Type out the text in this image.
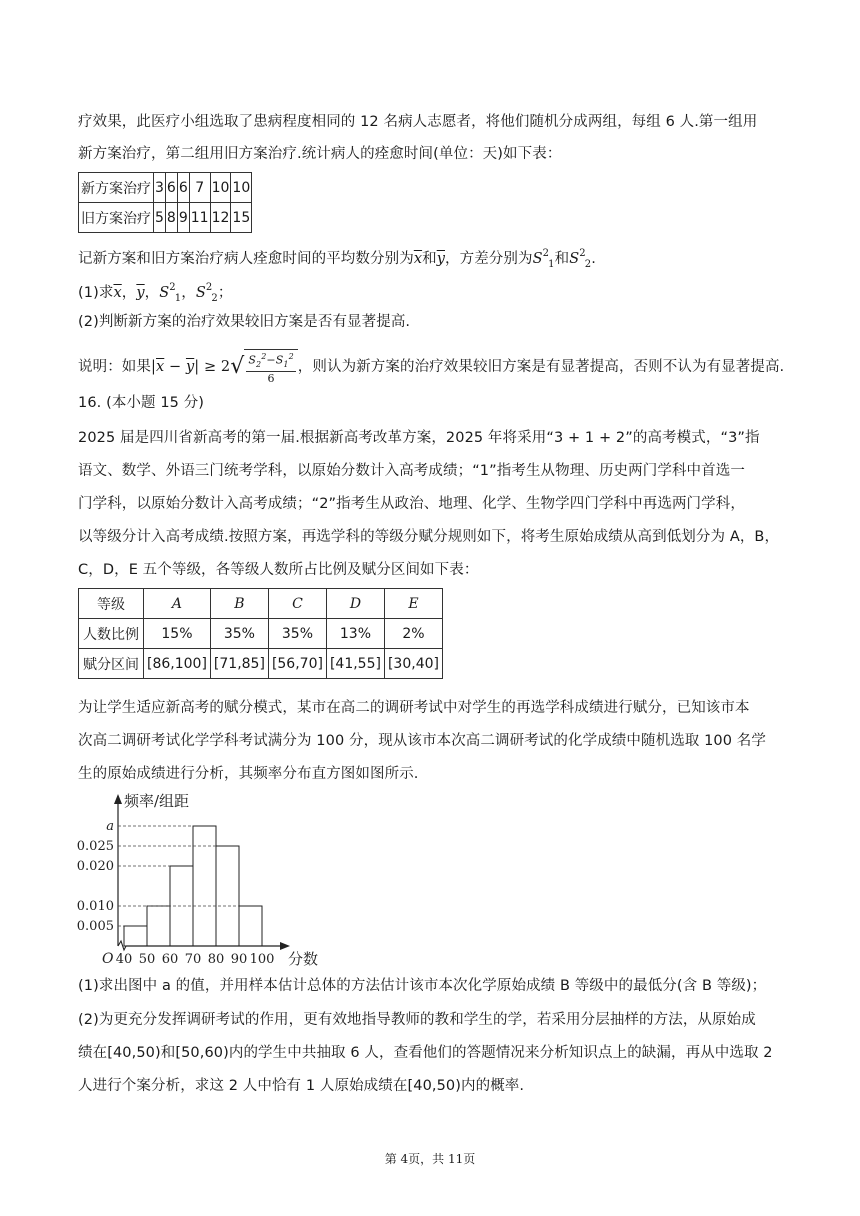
疗效果，此医疗小组选取了患病程度相同的 12 名病人志愿者，将他们随机分成两组，每组 6 人.第一组用
新方案治疗，第二组用旧方案治疗.统计病人的痊愈时间(单位：天)如下表：
新方案治疗	3	6	6	7	10	10
旧方案治疗	5	8	9	11	12	15
记新方案和旧方案治疗病人痊愈时间的平均数分别为$\overline{x}$和$\overline{y}$，方差分别为$S^2_1$和$S^2_2$.
(1)求$\overline{x}$，$\overline{y}$，$S^2_1$，$S^2_2$；
(2)判断新方案的治疗效果较旧方案是否有显著提高.
说明：如果$|\overline{x} - \overline{y}| \ge 2√ \frac{S_2^2-S_1^2}{6}$ ，则认为新方案的治疗效果较旧方案是有显著提高，否则不认为有显著提高.
16. (本小题 15 分)
2025 届是四川省新高考的第一届.根据新高考改革方案，2025 年将采用“3 + 1 + 2”的高考模式，“3”指
语文、数学、外语三门统考学科，以原始分数计入高考成绩；“1”指考生从物理、历史两门学科中首选一
门学科，以原始分数计入高考成绩；“2”指考生从政治、地理、化学、生物学四门学科中再选两门学科，
以等级分计入高考成绩.按照方案，再选学科的等级分赋分规则如下，将考生原始成绩从高到低划分为 A，B，
C，D，E 五个等级，各等级人数所占比例及赋分区间如下表：
等级	A	B	C	D	E
人数比例	15%	35%	35%	13%	2%
赋分区间	[86,100]	[71,85]	[56,70]	[41,55]	[30,40]
为让学生适应新高考的赋分模式，某市在高二的调研考试中对学生的再选学科成绩进行赋分，已知该市本
次高二调研考试化学学科考试满分为 100 分，现从该市本次高二调研考试的化学成绩中随机选取 100 名学
生的原始成绩进行分析，其频率分布直方图如图所示.
0.005
0.010
0.020
0.025
a
40 50 60 70 80 90 100
O
频率/组距
分数
(1)求出图中 a 的值，并用样本估计总体的方法估计该市本次化学原始成绩 B 等级中的最低分(含 B 等级)；
(2)为更充分发挥调研考试的作用，更有效地指导教师的教和学生的学，若采用分层抽样的方法，从原始成
绩在[40,50)和[50,60)内的学生中共抽取 6 人，查看他们的答题情况来分析知识点上的缺漏，再从中选取 2
人进行个案分析，求这 2 人中恰有 1 人原始成绩在[40,50)内的概率.
第 4页，共 11页
